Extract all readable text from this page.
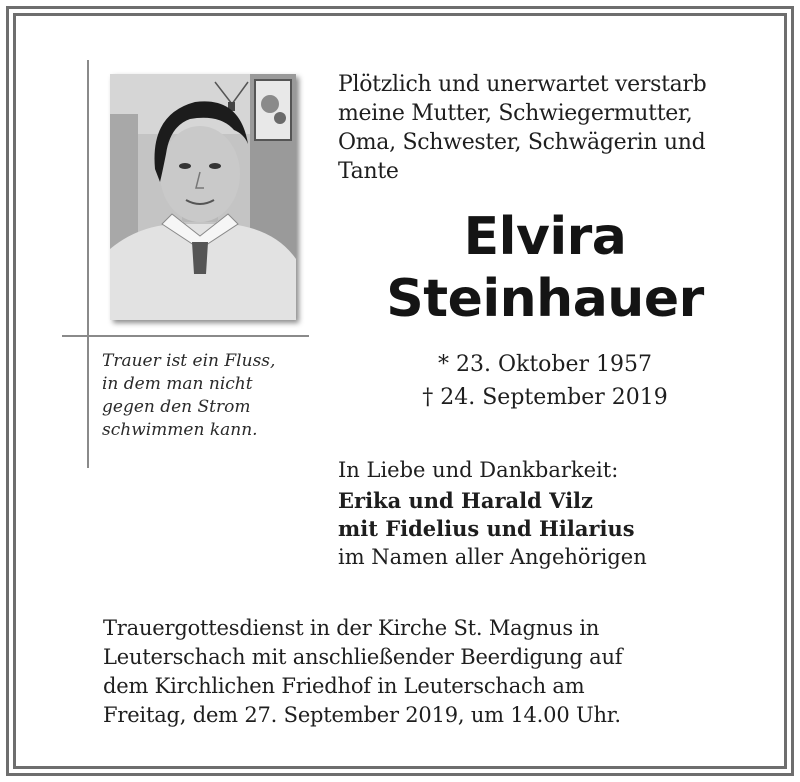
Trauer ist ein Fluss,
in dem man nicht
gegen den Strom
schwimmen kann.
Plötzlich und unerwartet verstarb
meine Mutter, Schwiegermutter,
Oma, Schwester, Schwägerin und
Tante
Elvira
Steinhauer
* 23. Oktober 1957
† 24. September 2019
In Liebe und Dankbarkeit:
Erika und Harald Vilz
mit Fidelius und Hilarius
im Namen aller Angehörigen
Trauergottesdienst in der Kirche St. Magnus in
Leuterschach mit anschließender Beerdigung auf
dem Kirchlichen Friedhof in Leuterschach am
Freitag, dem 27. September 2019, um 14.00 Uhr.
